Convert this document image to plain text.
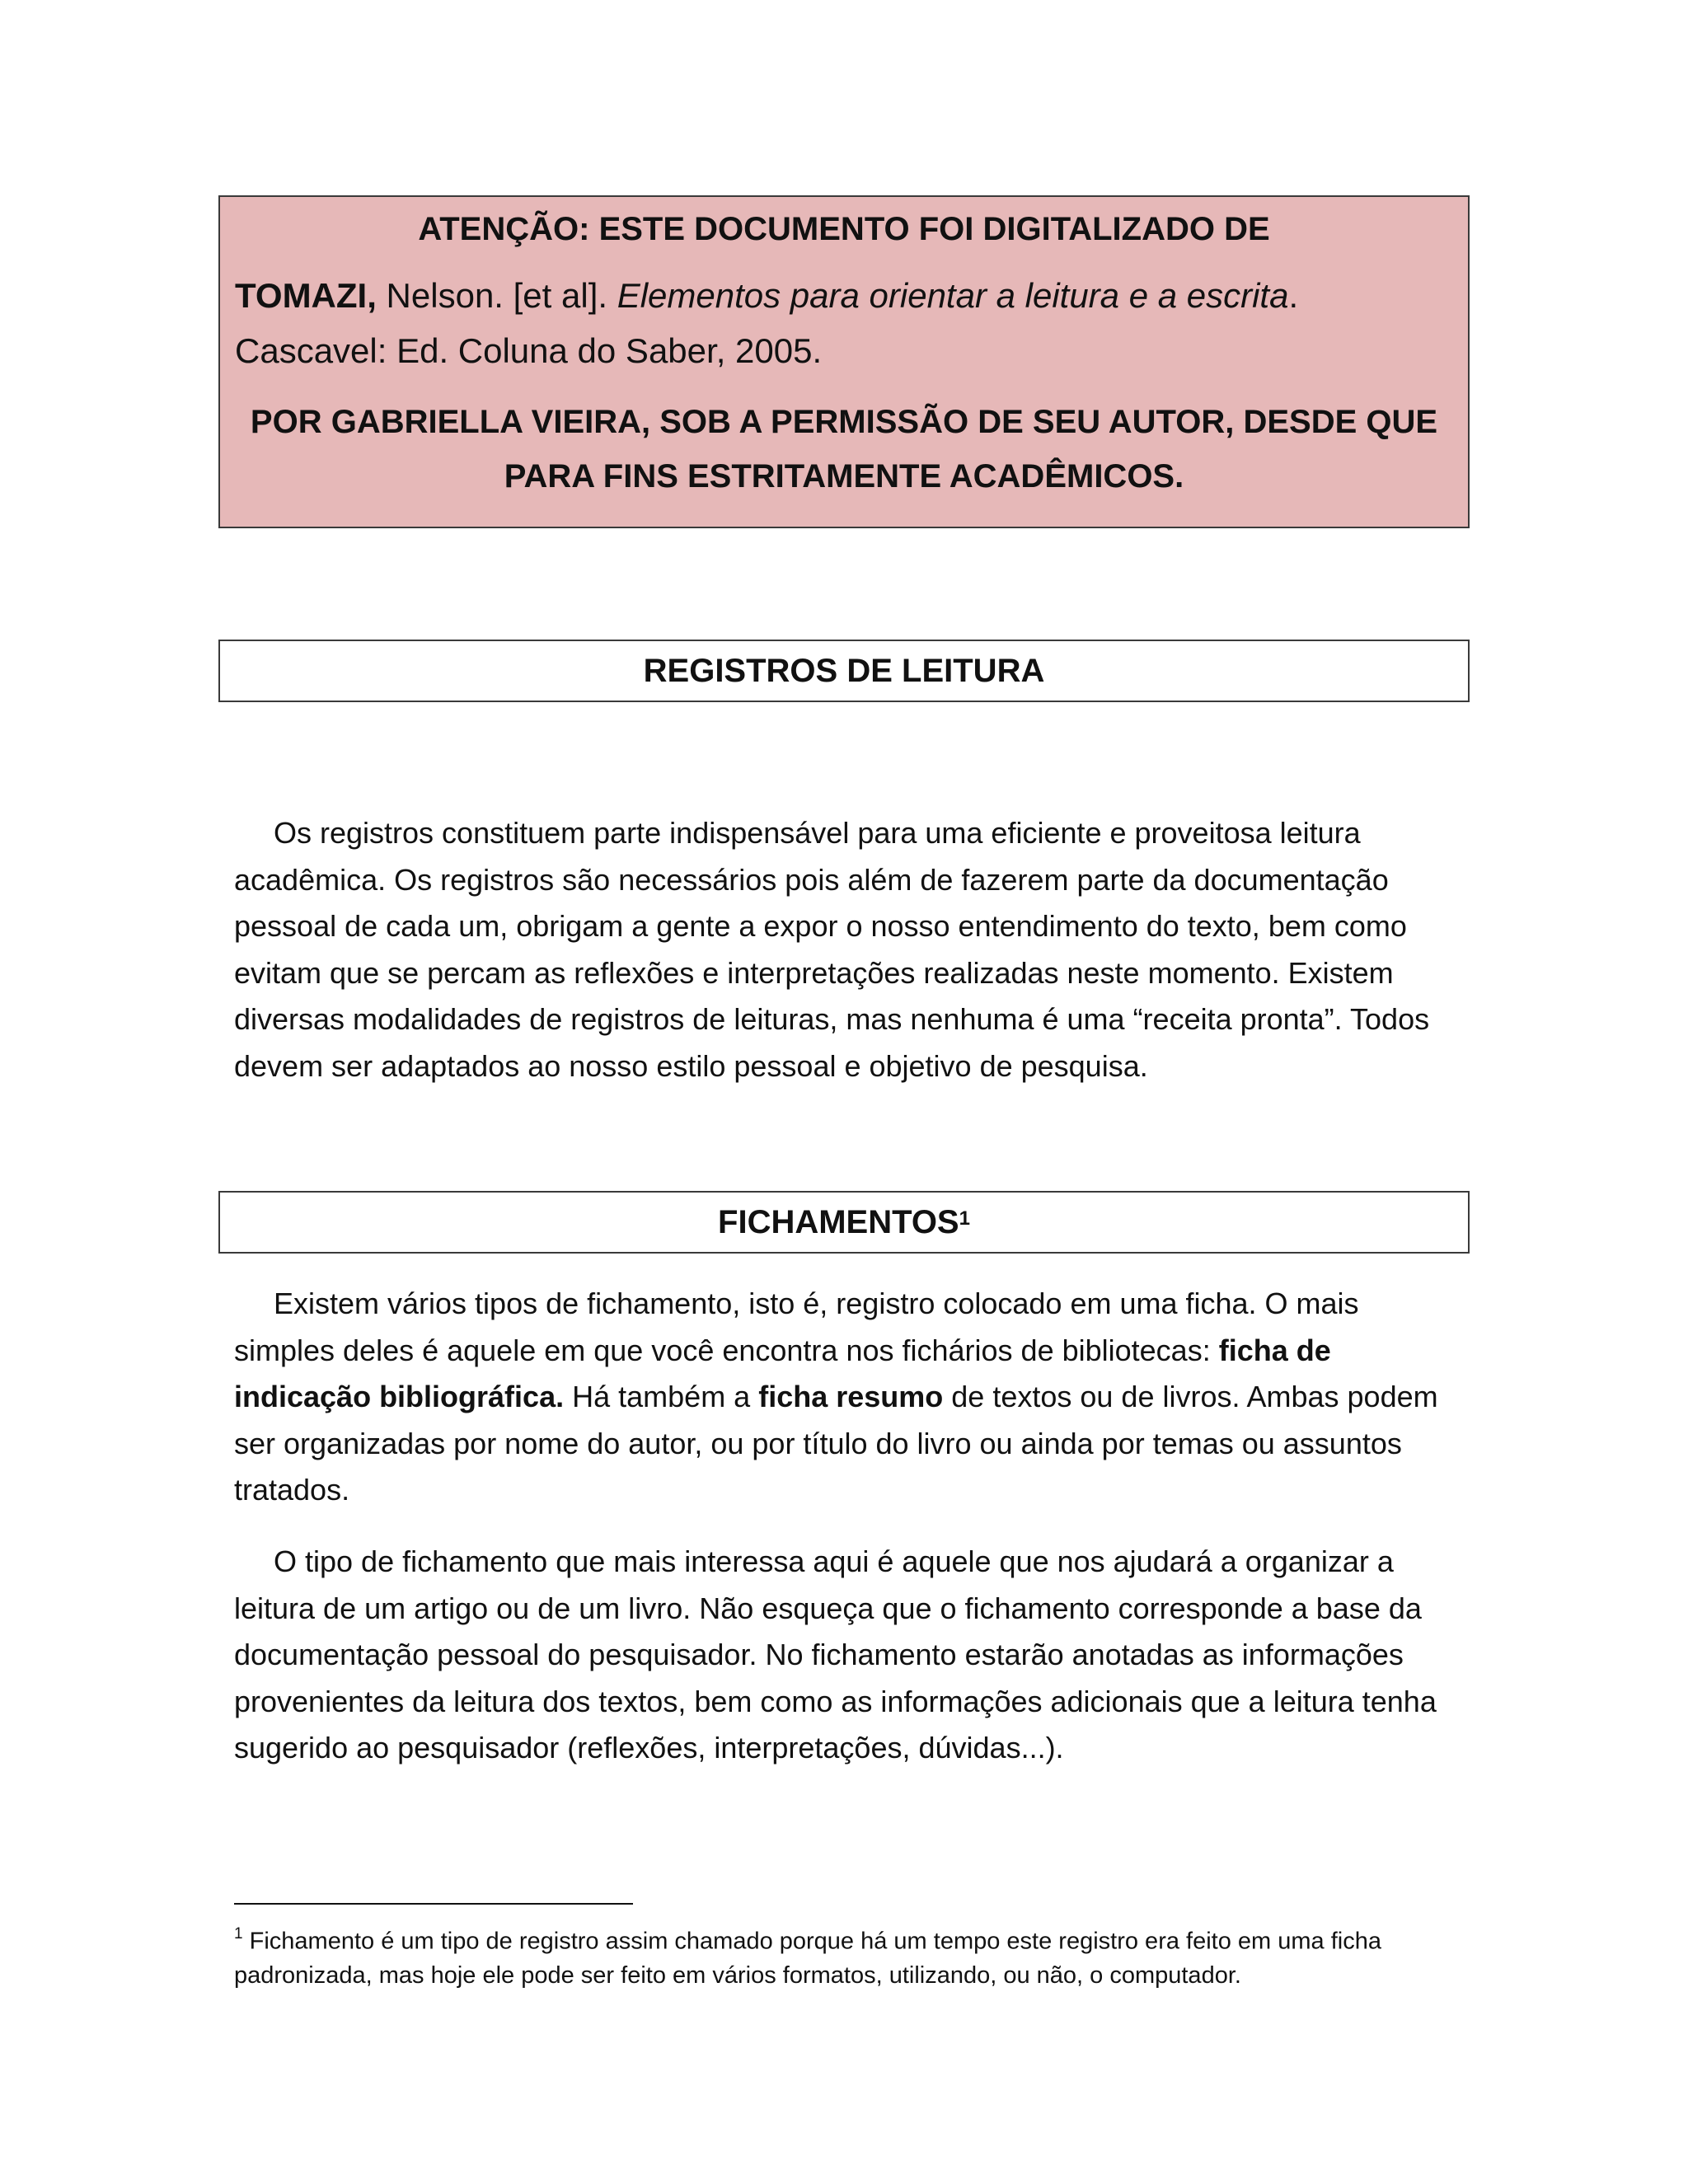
ATENÇÃO: ESTE DOCUMENTO FOI DIGITALIZADO DE

TOMAZI, Nelson. [et al]. Elementos para orientar a leitura e a escrita. Cascavel: Ed. Coluna do Saber, 2005.

POR GABRIELLA VIEIRA, SOB A PERMISSÃO DE SEU AUTOR, DESDE QUE PARA FINS ESTRITAMENTE ACADÊMICOS.

REGISTROS DE LEITURA

Os registros constituem parte indispensável para uma eficiente e proveitosa leitura acadêmica. Os registros são necessários pois além de fazerem parte da documentação pessoal de cada um, obrigam a gente a expor o nosso entendimento do texto, bem como evitam que se percam as reflexões e interpretações realizadas neste momento. Existem diversas modalidades de registros de leituras, mas nenhuma é uma “receita pronta”. Todos devem ser adaptados ao nosso estilo pessoal e objetivo de pesquisa.

FICHAMENTOS$^1$

Existem vários tipos de fichamento, isto é, registro colocado em uma ficha. O mais simples deles é aquele em que você encontra nos fichários de bibliotecas: ficha de indicação bibliográfica. Há também a ficha resumo de textos ou de livros. Ambas podem ser organizadas por nome do autor, ou por título do livro ou ainda por temas ou assuntos tratados.

O tipo de fichamento que mais interessa aqui é aquele que nos ajudará a organizar a leitura de um artigo ou de um livro. Não esqueça que o fichamento corresponde a base da documentação pessoal do pesquisador. No fichamento estarão anotadas as informações provenientes da leitura dos textos, bem como as informações adicionais que a leitura tenha sugerido ao pesquisador (reflexões, interpretações, dúvidas...).

$^1$ Fichamento é um tipo de registro assim chamado porque há um tempo este registro era feito em uma ficha padronizada, mas hoje ele pode ser feito em vários formatos, utilizando, ou não, o computador.
